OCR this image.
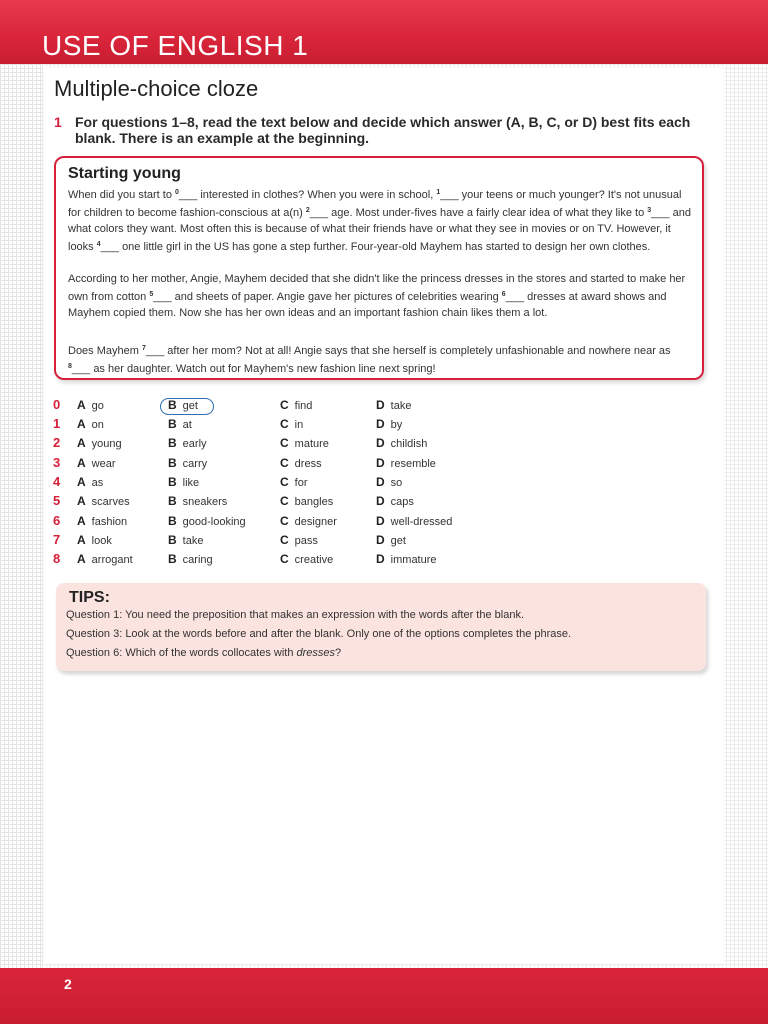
USE OF ENGLISH 1
Multiple-choice cloze
1 For questions 1–8, read the text below and decide which answer (A, B, C, or D) best fits each blank. There is an example at the beginning.
Starting young
When did you start to $^0$___ interested in clothes? When you were in school, $^1$___ your teens or much younger? It's not unusual for children to become fashion-conscious at a(n) $^2$___ age. Most under-fives have a fairly clear idea of what they like to $^3$___ and what colors they want. Most often this is because of what their friends have or what they see in movies or on TV. However, it looks $^4$___ one little girl in the US has gone a step further. Four-year-old Mayhem has started to design her own clothes.
According to her mother, Angie, Mayhem decided that she didn't like the princess dresses in the stores and started to make her own from cotton $^5$___ and sheets of paper. Angie gave her pictures of celebrities wearing $^6$___ dresses at award shows and Mayhem copied them. Now she has her own ideas and an important fashion chain likes them a lot.
Does Mayhem $^7$___ after her mom? Not at all! Angie says that she herself is completely unfashionable and nowhere near as $^8$___ as her daughter. Watch out for Mayhem's new fashion line next spring!
0 A go	B get	C find	D take
1 A on	B at	C in	D by
2 A young	B early	C mature	D childish
3 A wear	B carry	C dress	D resemble
4 A as	B like	C for	D so
5 A scarves	B sneakers	C bangles	D caps
6 A fashion	B good-looking	C designer	D well-dressed
7 A look	B take	C pass	D get
8 A arrogant	B caring	C creative	D immature
TIPS:
Question 1: You need the preposition that makes an expression with the words after the blank.
Question 3: Look at the words before and after the blank. Only one of the options completes the phrase.
Question 6: Which of the words collocates with dresses?
2
